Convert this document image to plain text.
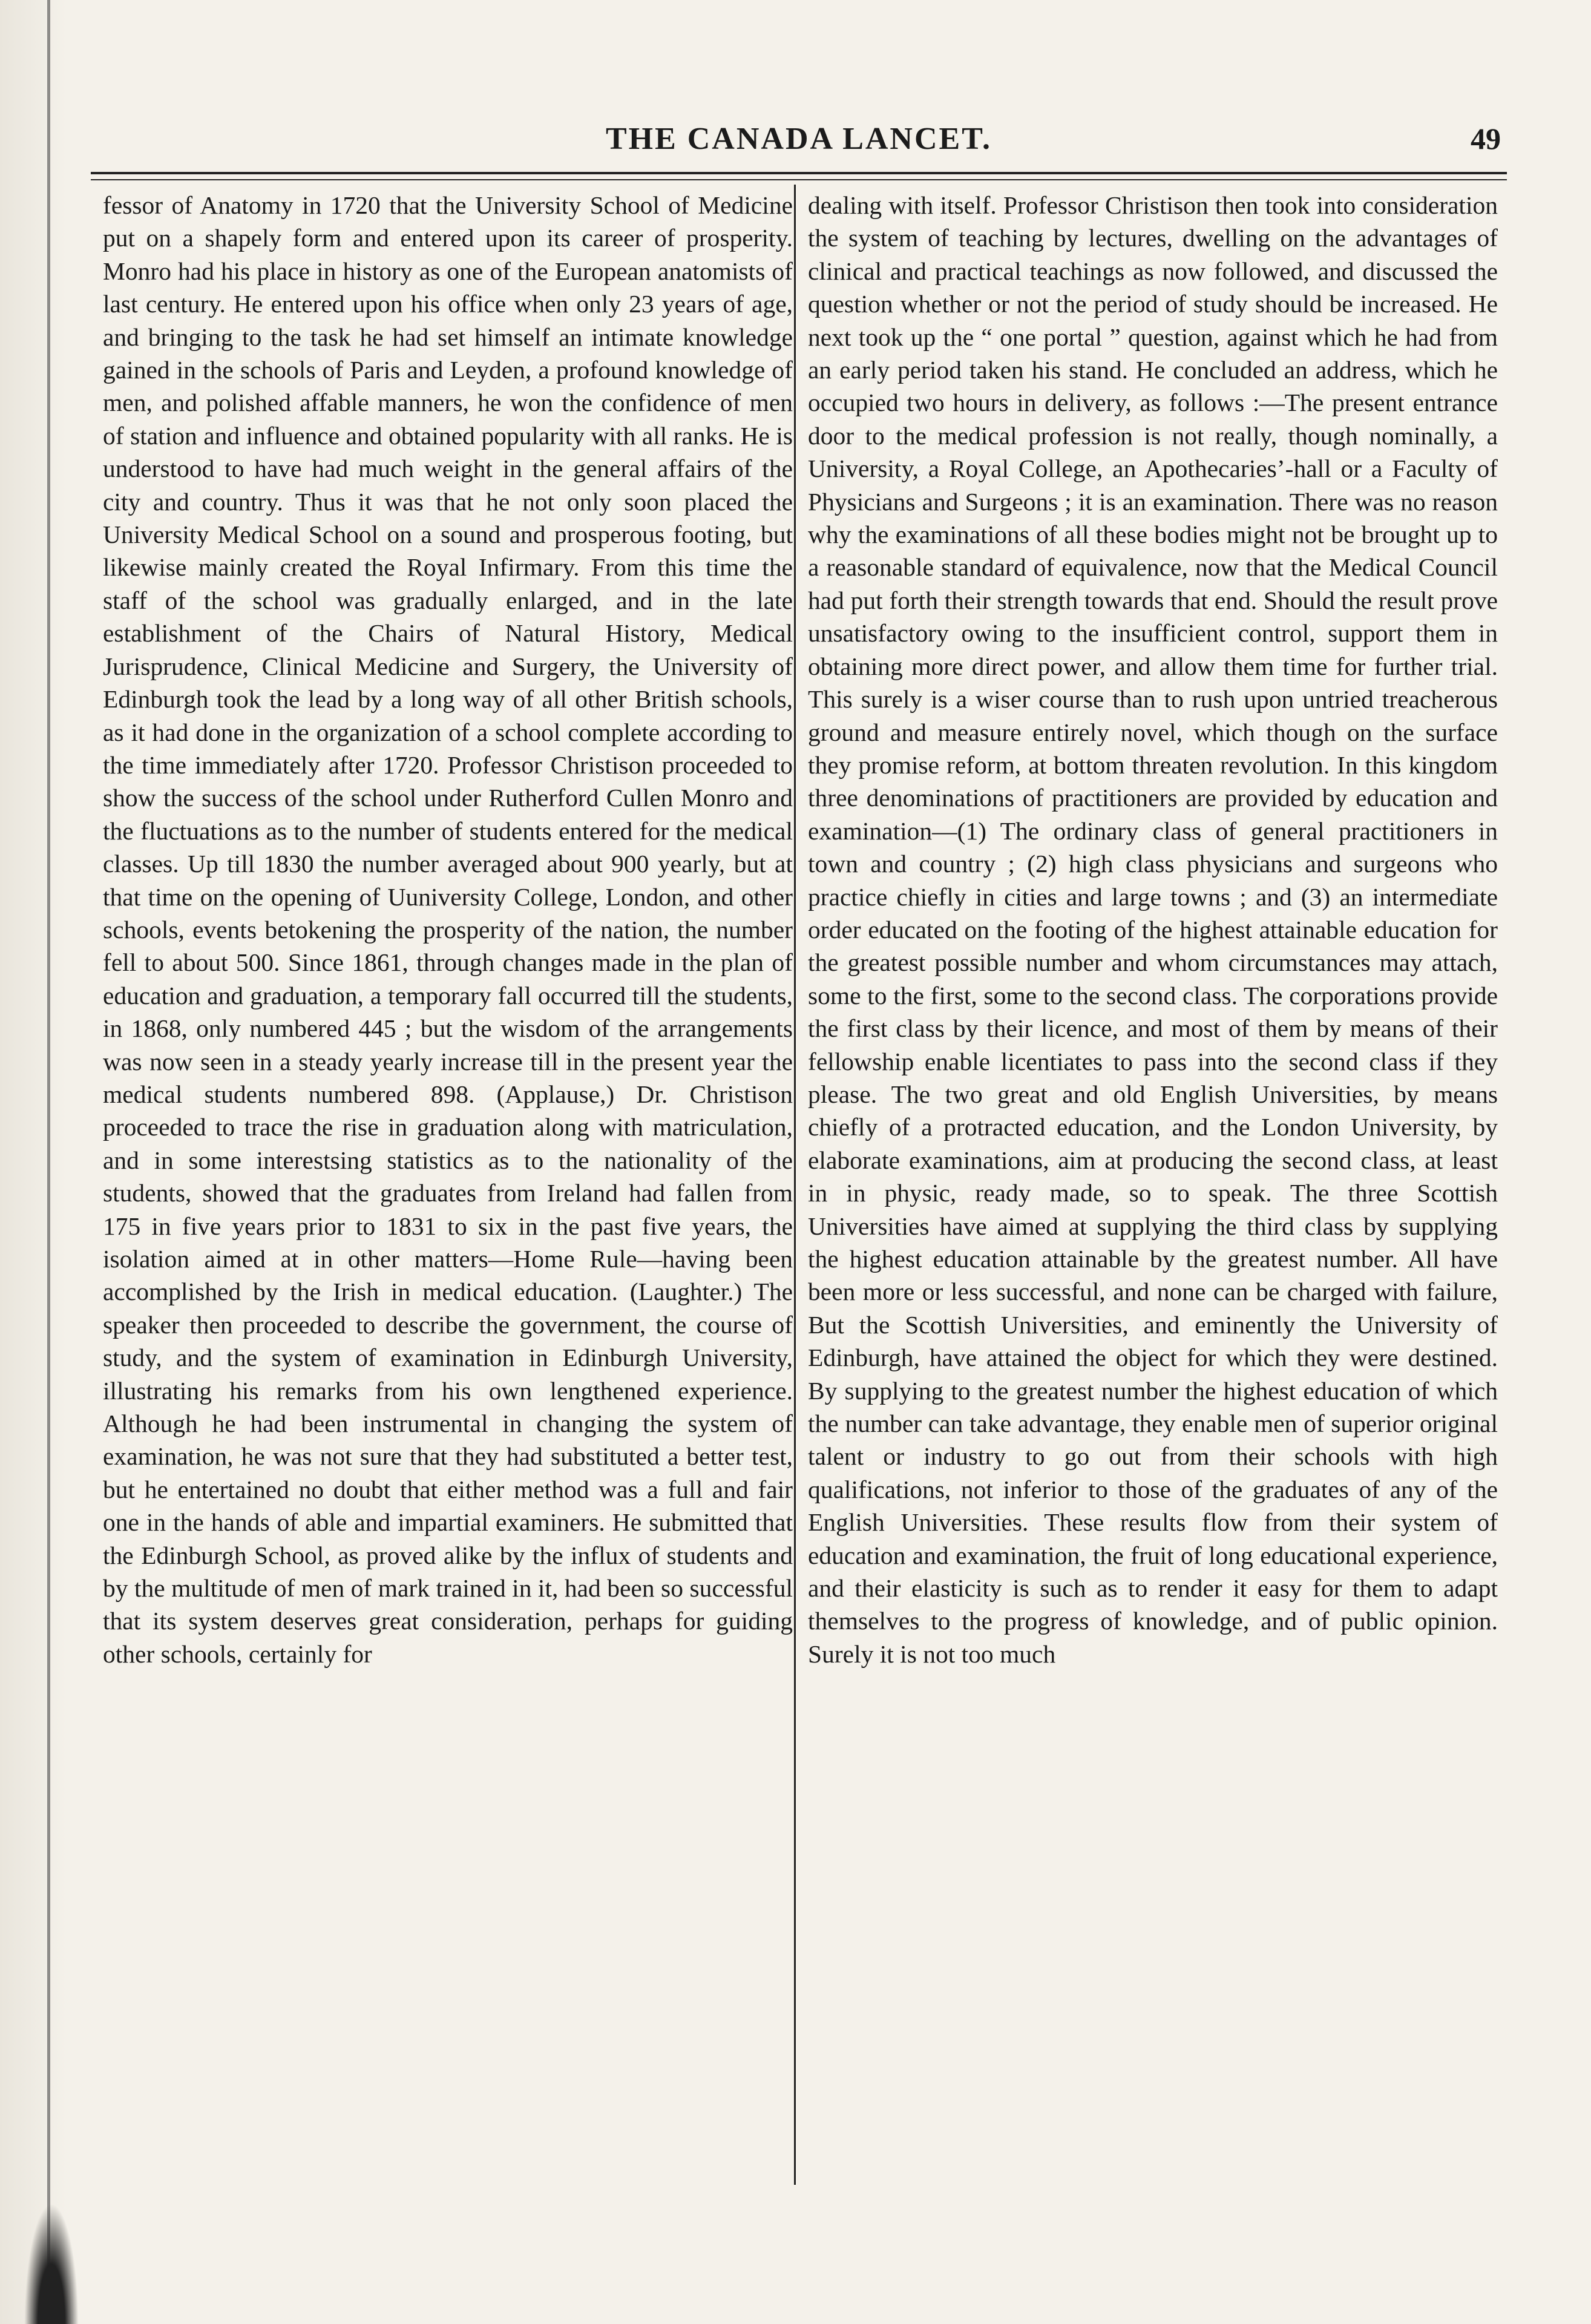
THE CANADA LANCET.	49

fessor of Anatomy in 1720 that the University School of Medicine put on a shapely form and entered upon its career of prosperity. Monro had his place in history as one of the European anatomists of last century. He entered upon his office when only 23 years of age, and bringing to the task he had set himself an intimate knowledge gained in the schools of Paris and Leyden, a profound knowledge of men, and polished affable manners, he won the confidence of men of station and influence and obtained popularity with all ranks. He is understood to have had much weight in the general affairs of the city and country. Thus it was that he not only soon placed the University Medical School on a sound and prosperous footing, but likewise mainly created the Royal Infirmary. From this time the staff of the school was gradually enlarged, and in the late establishment of the Chairs of Natural History, Medical Jurisprudence, Clinical Medicine and Surgery, the University of Edinburgh took the lead by a long way of all other British schools, as it had done in the organization of a school complete according to the time immediately after 1720. Professor Christison proceeded to show the success of the school under Rutherford Cullen Monro and the fluctuations as to the number of students entered for the medical classes. Up till 1830 the number averaged about 900 yearly, but at that time on the opening of Uuniversity College, London, and other schools, events betokening the prosperity of the nation, the number fell to about 500. Since 1861, through changes made in the plan of education and graduation, a temporary fall occurred till the students, in 1868, only numbered 445 ; but the wisdom of the arrangements was now seen in a steady yearly increase till in the present year the medical students numbered 898. (Applause,) Dr. Christison proceeded to trace the rise in graduation along with matriculation, and in some interestsing statistics as to the nationality of the students, showed that the graduates from Ireland had fallen from 175 in five years prior to 1831 to six in the past five years, the isolation aimed at in other matters—Home Rule—having been accomplished by the Irish in medical education. (Laughter.) The speaker then proceeded to describe the government, the course of study, and the system of examination in Edinburgh University, illustrating his remarks from his own lengthened experience. Although he had been instrumental in changing the system of examination, he was not sure that they had substituted a better test, but he entertained no doubt that either method was a full and fair one in the hands of able and impartial examiners. He submitted that the Edinburgh School, as proved alike by the influx of students and by the multitude of men of mark trained in it, had been so successful that its system deserves great consideration, perhaps for guiding other schools, certainly for

dealing with itself. Professor Christison then took into consideration the system of teaching by lectures, dwelling on the advantages of clinical and practical teachings as now followed, and discussed the question whether or not the period of study should be increased. He next took up the “ one portal ” question, against which he had from an early period taken his stand. He concluded an address, which he occupied two hours in delivery, as follows :—The present entrance door to the medical profession is not really, though nominally, a University, a Royal College, an Apothecaries’-hall or a Faculty of Physicians and Surgeons ; it is an examination. There was no reason why the examinations of all these bodies might not be brought up to a reasonable standard of equivalence, now that the Medical Council had put forth their strength towards that end. Should the result prove unsatisfactory owing to the insufficient control, support them in obtaining more direct power, and allow them time for further trial. This surely is a wiser course than to rush upon untried treacherous ground and measure entirely novel, which though on the surface they promise reform, at bottom threaten revolution. In this kingdom three denominations of practitioners are provided by education and examination—(1) The ordinary class of general practitioners in town and country ; (2) high class physicians and surgeons who practice chiefly in cities and large towns ; and (3) an intermediate order educated on the footing of the highest attainable education for the greatest possible number and whom circumstances may attach, some to the first, some to the second class. The corporations provide the first class by their licence, and most of them by means of their fellowship enable licentiates to pass into the second class if they please. The two great and old English Universities, by means chiefly of a protracted education, and the London University, by elaborate examinations, aim at producing the second class, at least in in physic, ready made, so to speak. The three Scottish Universities have aimed at supplying the third class by supplying the highest education attainable by the greatest number. All have been more or less successful, and none can be charged with failure, But the Scottish Universities, and eminently the University of Edinburgh, have attained the object for which they were destined. By supplying to the greatest number the highest education of which the number can take advantage, they enable men of superior original talent or industry to go out from their schools with high qualifications, not inferior to those of the graduates of any of the English Universities. These results flow from their system of education and examination, the fruit of long educational experience, and their elasticity is such as to render it easy for them to adapt themselves to the progress of knowledge, and of public opinion. Surely it is not too much
